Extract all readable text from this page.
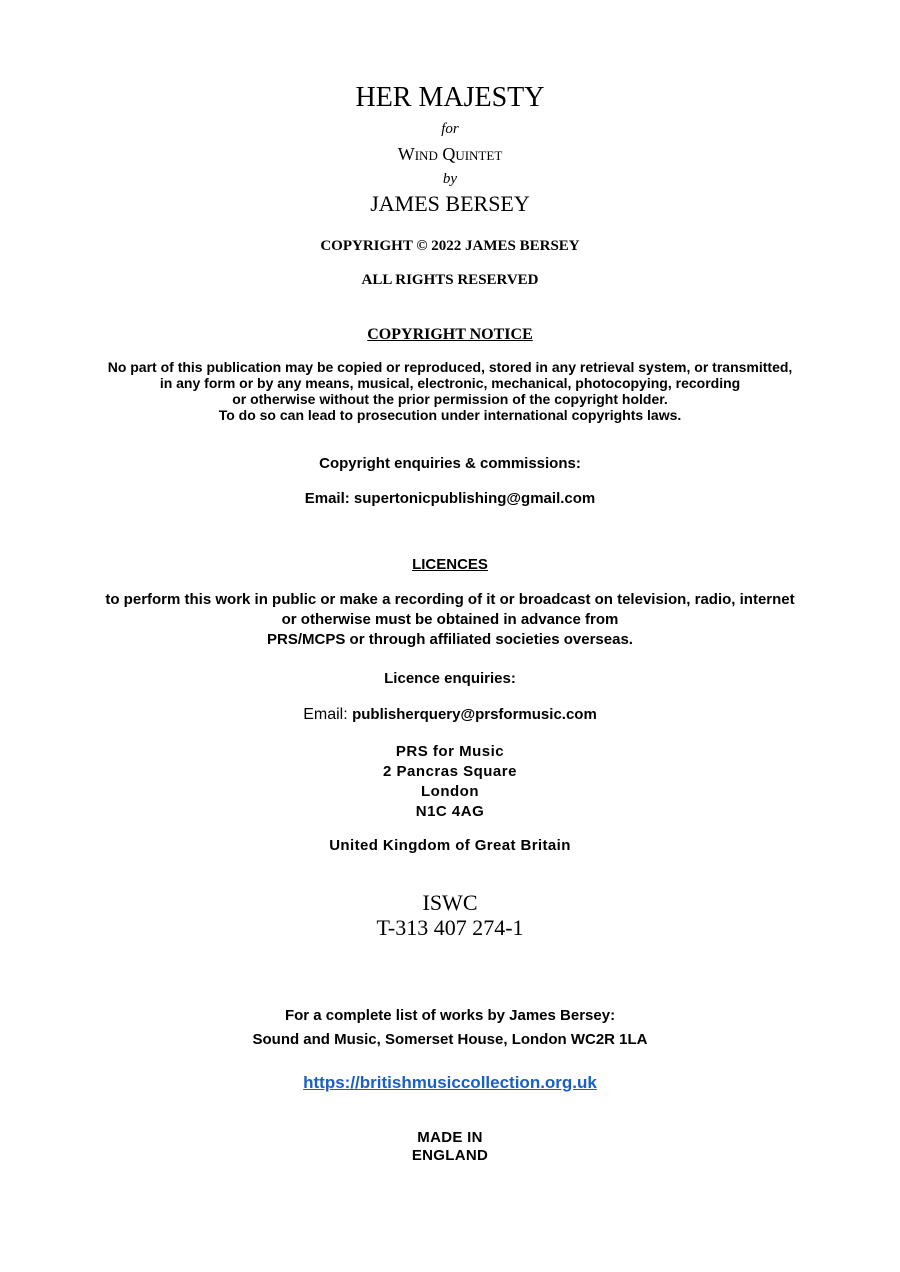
HER MAJESTY
for
Wind Quintet
by
JAMES BERSEY
COPYRIGHT © 2022 JAMES BERSEY
ALL RIGHTS RESERVED
COPYRIGHT NOTICE
No part of this publication may be copied or reproduced, stored in any retrieval system, or transmitted,
in any form or by any means, musical, electronic, mechanical, photocopying, recording
or otherwise without the prior permission of the copyright holder.
To do so can lead to prosecution under international copyrights laws.
Copyright enquiries & commissions:
Email: supertonicpublishing@gmail.com
LICENCES
to perform this work in public or make a recording of it or broadcast on television, radio, internet
or otherwise must be obtained in advance from
PRS/MCPS or through affiliated societies overseas.
Licence enquiries:
Email: publisherquery@prsformusic.com
PRS for Music
2 Pancras Square
London
N1C 4AG
United Kingdom of Great Britain
ISWC
T-313 407 274-1
For a complete list of works by James Bersey:
Sound and Music, Somerset House, London WC2R 1LA
https://britishmusiccollection.org.uk
MADE IN
ENGLAND
